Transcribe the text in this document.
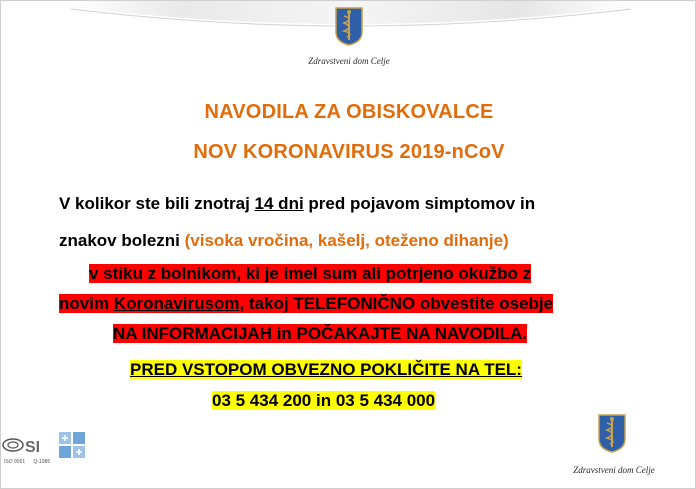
Zdravstveni dom Celje
NAVODILA ZA OBISKOVALCE
NOV KORONAVIRUS 2019-nCoV
V kolikor ste bili znotraj 14 dni pred pojavom simptomov in
znakov bolezni (visoka vročina, kašelj, oteženo dihanje)
v stiku z bolnikom, ki je imel sum ali potrjeno okužbo z
novim Koronavirusom, takoj TELEFONIČNO obvestite osebje
NA INFORMACIJAH in POČAKAJTE NA NAVODILA.
PRED VSTOPOM OBVEZNO POKLIČITE NA TEL:
03 5 434 200 in 03 5 434 000
SI
ISO 9001 Q-1985
Zdravstveni dom Celje
